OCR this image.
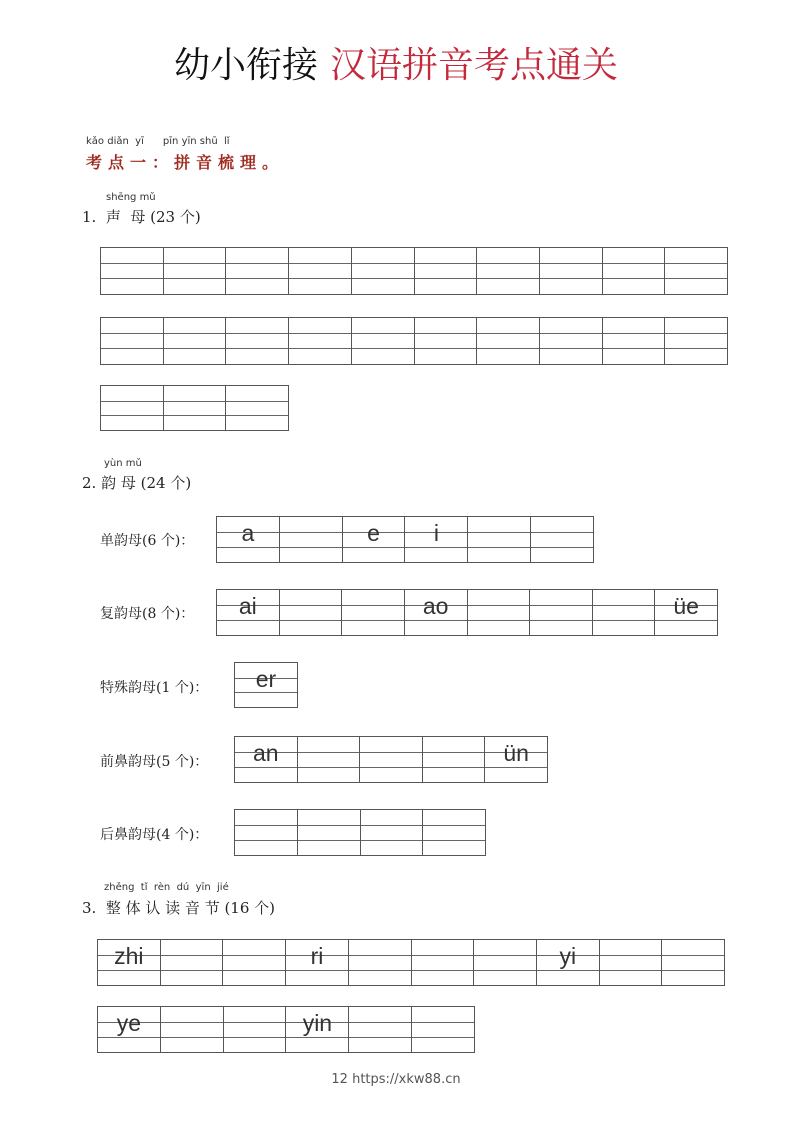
幼小衔接 汉语拼音考点通关
kǎo diǎn  yī      pīn yīn shū  lǐ
考点一：拼音梳理。
shēng mǔ
1.  声  母 (23 个)
yùn mǔ
2. 韵 母 (24 个)
单韵母(6 个)：	a	e	i
复韵母(8 个)：	ai	ao	üe
特殊韵母(1 个)：	er
前鼻韵母(5 个)：	an	ün
后鼻韵母(4 个)：
zhěng  tǐ  rèn  dú  yīn  jié
3.  整 体 认 读 音 节 (16 个)
zhi	ri	yi
ye	yin
12 https://xkw88.cn
